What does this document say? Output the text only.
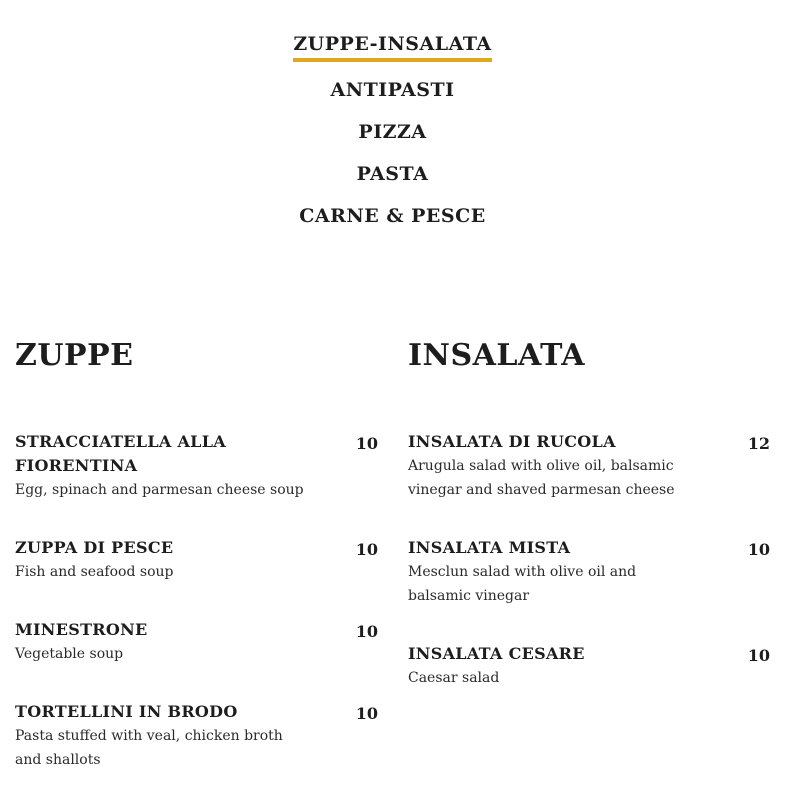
ZUPPE-INSALATA
ANTIPASTI
PIZZA
PASTA
CARNE & PESCE
ZUPPE	INSALATA
STRACCIATELLA ALLA FIORENTINA
10
Egg, spinach and parmesan cheese soup
ZUPPA DI PESCE	10
Fish and seafood soup
MINESTRONE	10
Vegetable soup
TORTELLINI IN BRODO	10
Pasta stuffed with veal, chicken broth and shallots
INSALATA DI RUCOLA	12
Arugula salad with olive oil, balsamic vinegar and shaved parmesan cheese
INSALATA MISTA	10
Mesclun salad with olive oil and balsamic vinegar
INSALATA CESARE	10
Caesar salad
